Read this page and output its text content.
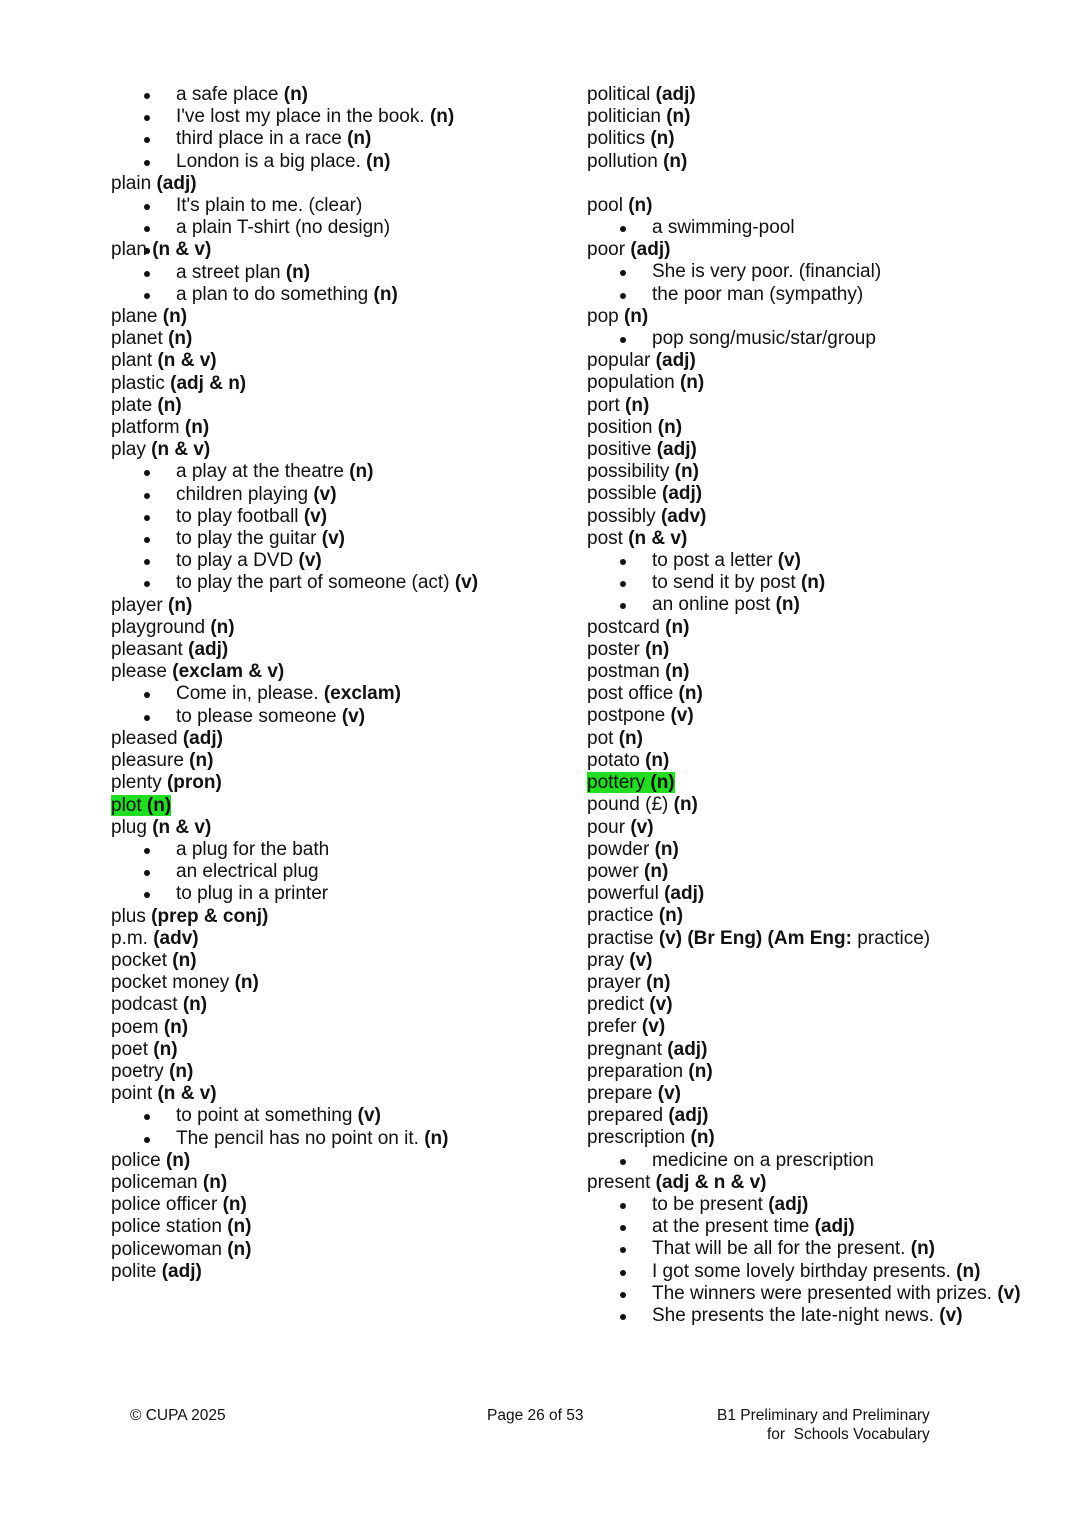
a safe place (n)
I've lost my place in the book. (n)
third place in a race (n)
London is a big place. (n)
plain (adj)
It's plain to me. (clear)
a plain T-shirt (no design)
plan (n & v)
a street plan (n)
a plan to do something (n)
plane (n)
planet (n)
plant (n & v)
plastic (adj & n)
plate (n)
platform (n)
play (n & v)
a play at the theatre (n)
children playing (v)
to play football (v)
to play the guitar (v)
to play a DVD (v)
to play the part of someone (act) (v)
player (n)
playground (n)
pleasant (adj)
please (exclam & v)
Come in, please. (exclam)
to please someone (v)
pleased (adj)
pleasure (n)
plenty (pron)
plot (n)
plug (n & v)
a plug for the bath
an electrical plug
to plug in a printer
plus (prep & conj)
p.m. (adv)
pocket (n)
pocket money (n)
podcast (n)
poem (n)
poet (n)
poetry (n)
point (n & v)
to point at something (v)
The pencil has no point on it. (n)
police (n)
policeman (n)
police officer (n)
police station (n)
policewoman (n)
polite (adj)
political (adj)
politician (n)
politics (n)
pollution (n)
pool (n)
a swimming-pool
poor (adj)
She is very poor. (financial)
the poor man (sympathy)
pop (n)
pop song/music/star/group
popular (adj)
population (n)
port (n)
position (n)
positive (adj)
possibility (n)
possible (adj)
possibly (adv)
post (n & v)
to post a letter (v)
to send it by post (n)
an online post (n)
postcard (n)
poster (n)
postman (n)
post office (n)
postpone (v)
pot (n)
potato (n)
pottery (n)
pound (£) (n)
pour (v)
powder (n)
power (n)
powerful (adj)
practice (n)
practise (v) (Br Eng) (Am Eng: practice)
pray (v)
prayer (n)
predict (v)
prefer (v)
pregnant (adj)
preparation (n)
prepare (v)
prepared (adj)
prescription (n)
medicine on a prescription
present (adj & n & v)
to be present (adj)
at the present time (adj)
That will be all for the present. (n)
I got some lovely birthday presents. (n)
The winners were presented with prizes. (v)
She presents the late-night news. (v)
© CUPA 2025	Page 26 of 53	B1 Preliminary and Preliminary
for  Schools Vocabulary
